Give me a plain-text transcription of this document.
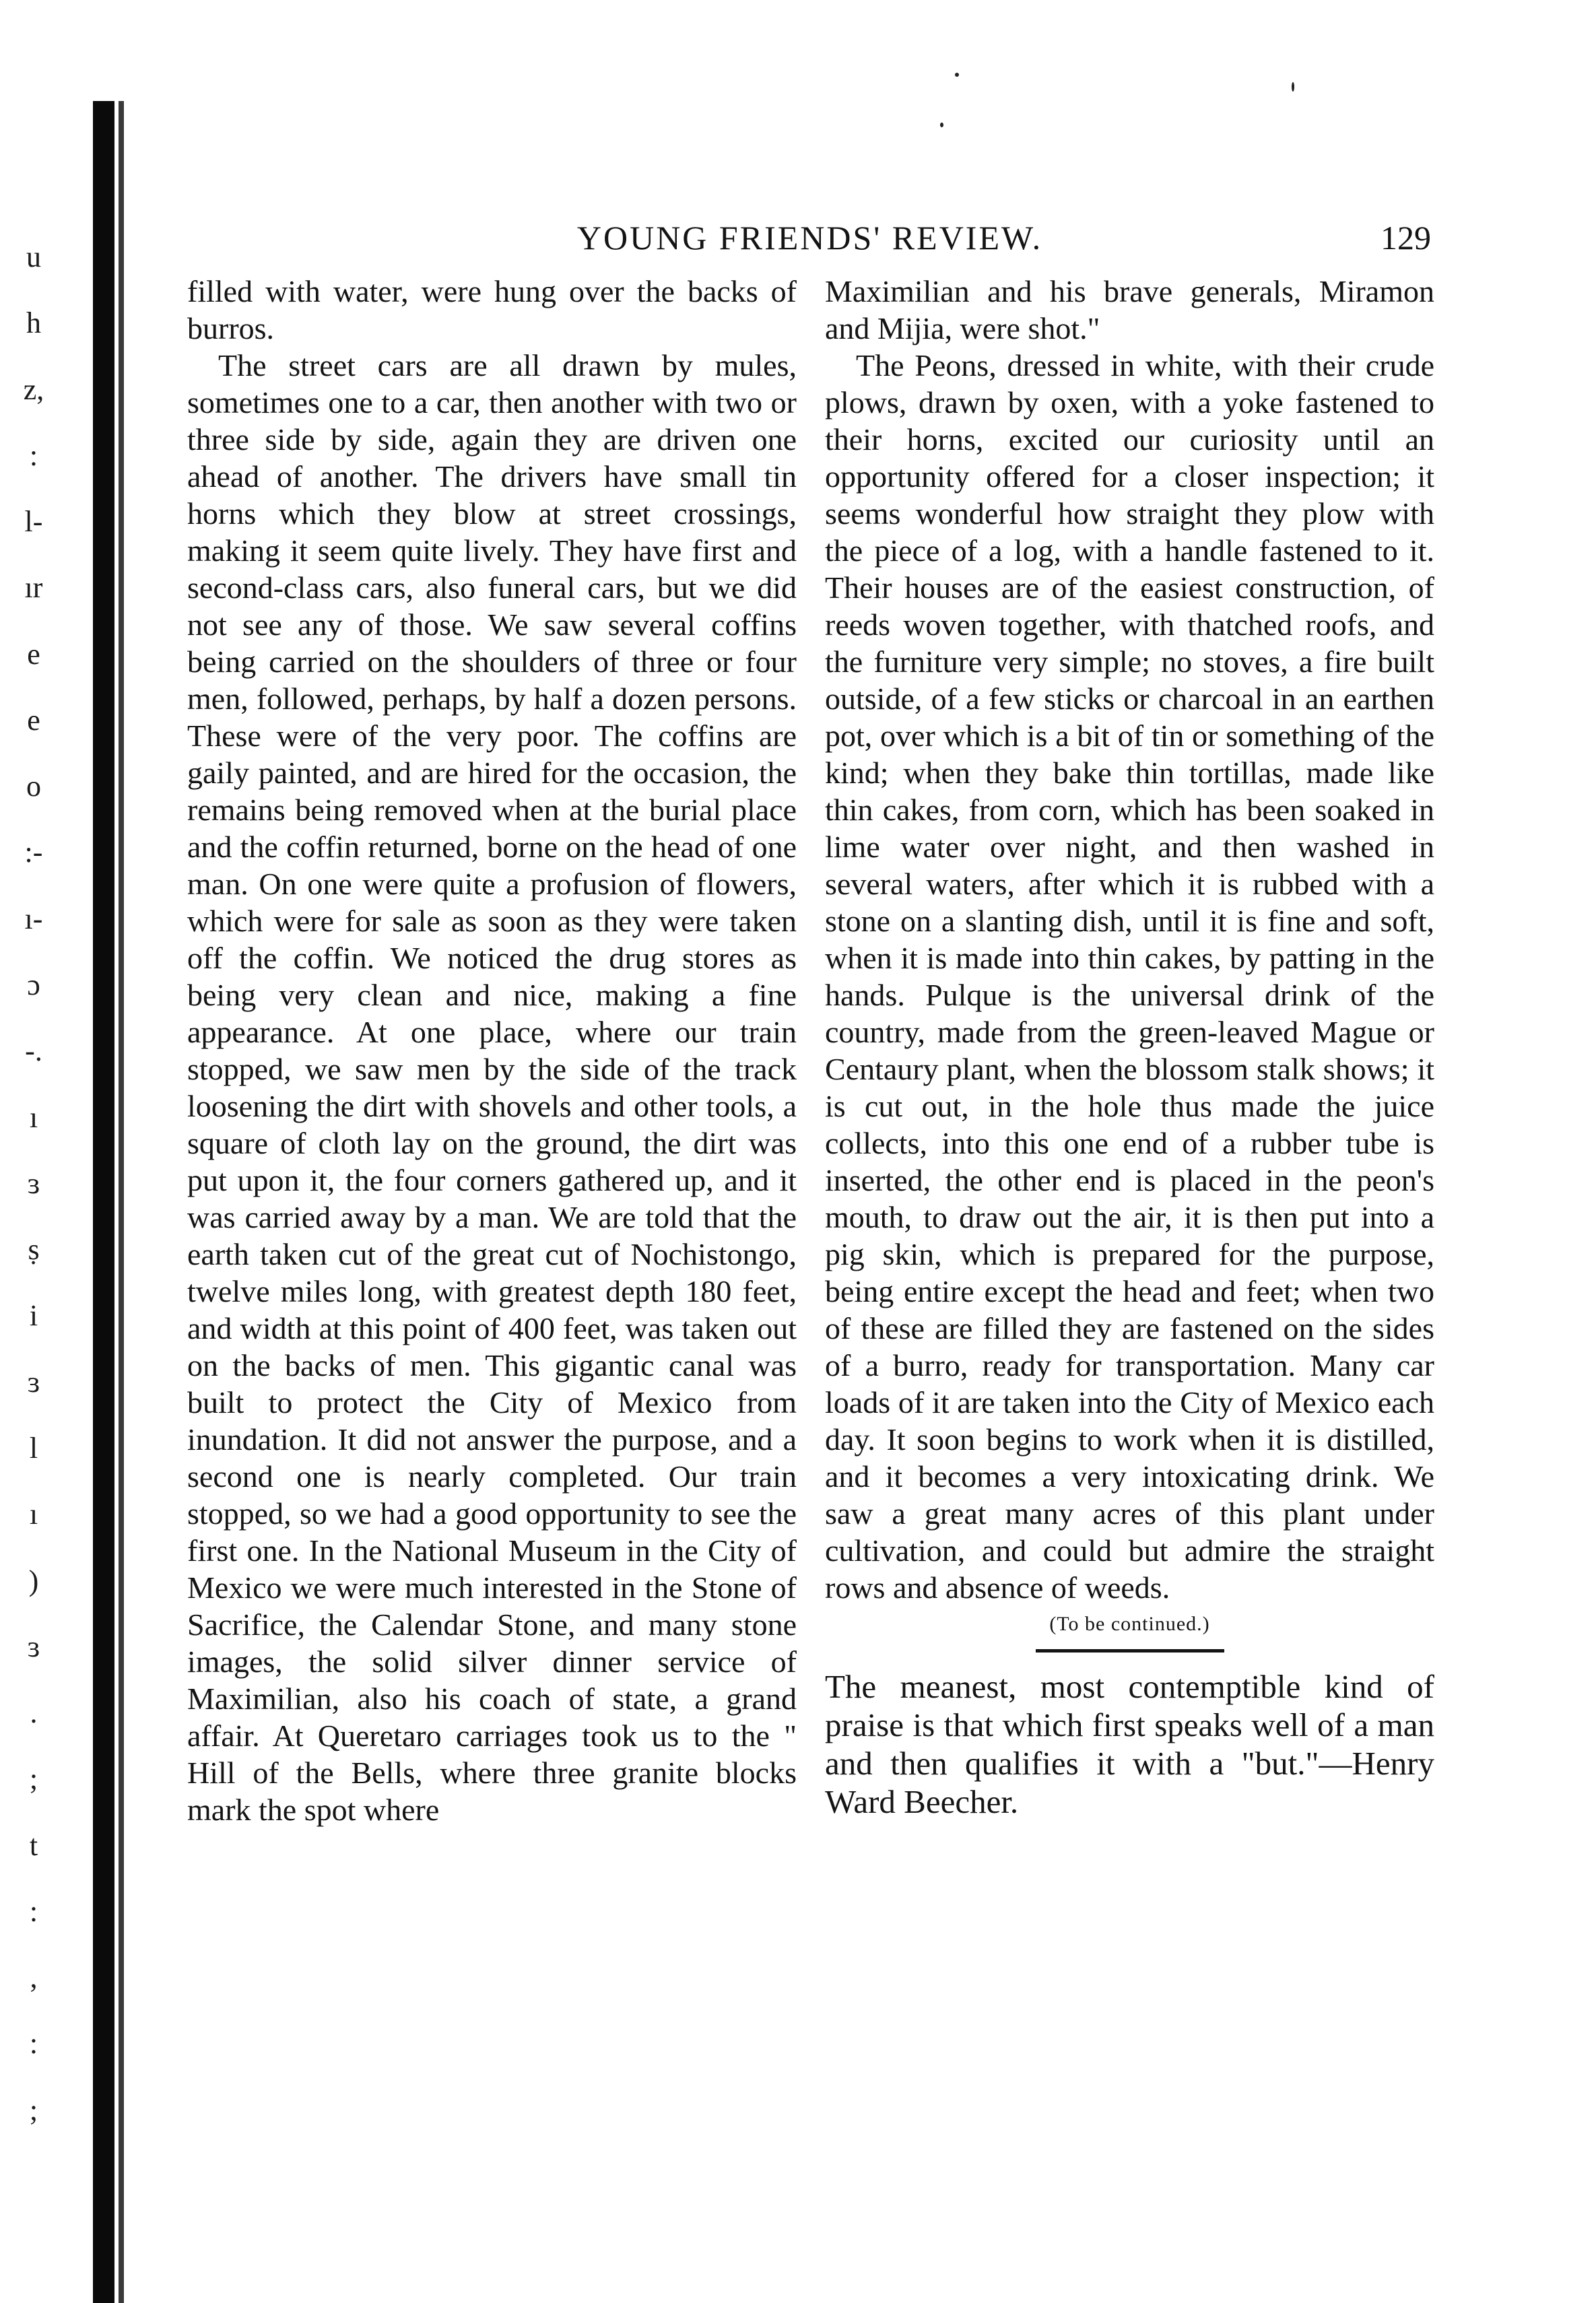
u
h
z,
:
l-
ır
e
e
o
:-
ı-
ɔ
-.
ı
ɜ
ṣ
i
ɜ
l
ı
)
ɜ
.
;
t
:
,
:
;
YOUNG FRIENDS' REVIEW.	129

filled with water, were hung over the backs of burros.

The street cars are all drawn by mules, sometimes one to a car, then another with two or three side by side, again they are driven one ahead of another. The drivers have small tin horns which they blow at street crossings, making it seem quite lively. They have first and second-class cars, also funeral cars, but we did not see any of those. We saw several coffins being carried on the shoulders of three or four men, followed, perhaps, by half a dozen persons. These were of the very poor. The coffins are gaily painted, and are hired for the occasion, the remains being removed when at the burial place and the coffin returned, borne on the head of one man. On one were quite a profusion of flowers, which were for sale as soon as they were taken off the coffin. We noticed the drug stores as being very clean and nice, making a fine appearance. At one place, where our train stopped, we saw men by the side of the track loosening the dirt with shovels and other tools, a square of cloth lay on the ground, the dirt was put upon it, the four corners gathered up, and it was carried away by a man. We are told that the earth taken cut of the great cut of Nochistongo, twelve miles long, with greatest depth 180 feet, and width at this point of 400 feet, was taken out on the backs of men. This gigantic canal was built to protect the City of Mexico from inundation. It did not answer the purpose, and a second one is nearly completed. Our train stopped, so we had a good opportunity to see the first one. In the National Museum in the City of Mexico we were much interested in the Stone of Sacrifice, the Calendar Stone, and many stone images, the solid silver dinner service of Maximilian, also his coach of state, a grand affair. At Queretaro carriages took us to the " Hill of the Bells, where three granite blocks mark the spot where

Maximilian and his brave generals, Miramon and Mijia, were shot."

The Peons, dressed in white, with their crude plows, drawn by oxen, with a yoke fastened to their horns, excited our curiosity until an opportunity offered for a closer inspection; it seems wonderful how straight they plow with the piece of a log, with a handle fastened to it. Their houses are of the easiest construction, of reeds woven together, with thatched roofs, and the furniture very simple; no stoves, a fire built outside, of a few sticks or charcoal in an earthen pot, over which is a bit of tin or something of the kind; when they bake thin tortillas, made like thin cakes, from corn, which has been soaked in lime water over night, and then washed in several waters, after which it is rubbed with a stone on a slanting dish, until it is fine and soft, when it is made into thin cakes, by patting in the hands. Pulque is the universal drink of the country, made from the green-leaved Mague or Centaury plant, when the blossom stalk shows; it is cut out, in the hole thus made the juice collects, into this one end of a rubber tube is inserted, the other end is placed in the peon's mouth, to draw out the air, it is then put into a pig skin, which is prepared for the purpose, being entire except the head and feet; when two of these are filled they are fastened on the sides of a burro, ready for transportation. Many car loads of it are taken into the City of Mexico each day. It soon begins to work when it is distilled, and it becomes a very intoxicating drink. We saw a great many acres of this plant under cultivation, and could but admire the straight rows and absence of weeds.

(To be continued.)

The meanest, most contemptible kind of praise is that which first speaks well of a man and then qualifies it with a "but."—Henry Ward Beecher.
